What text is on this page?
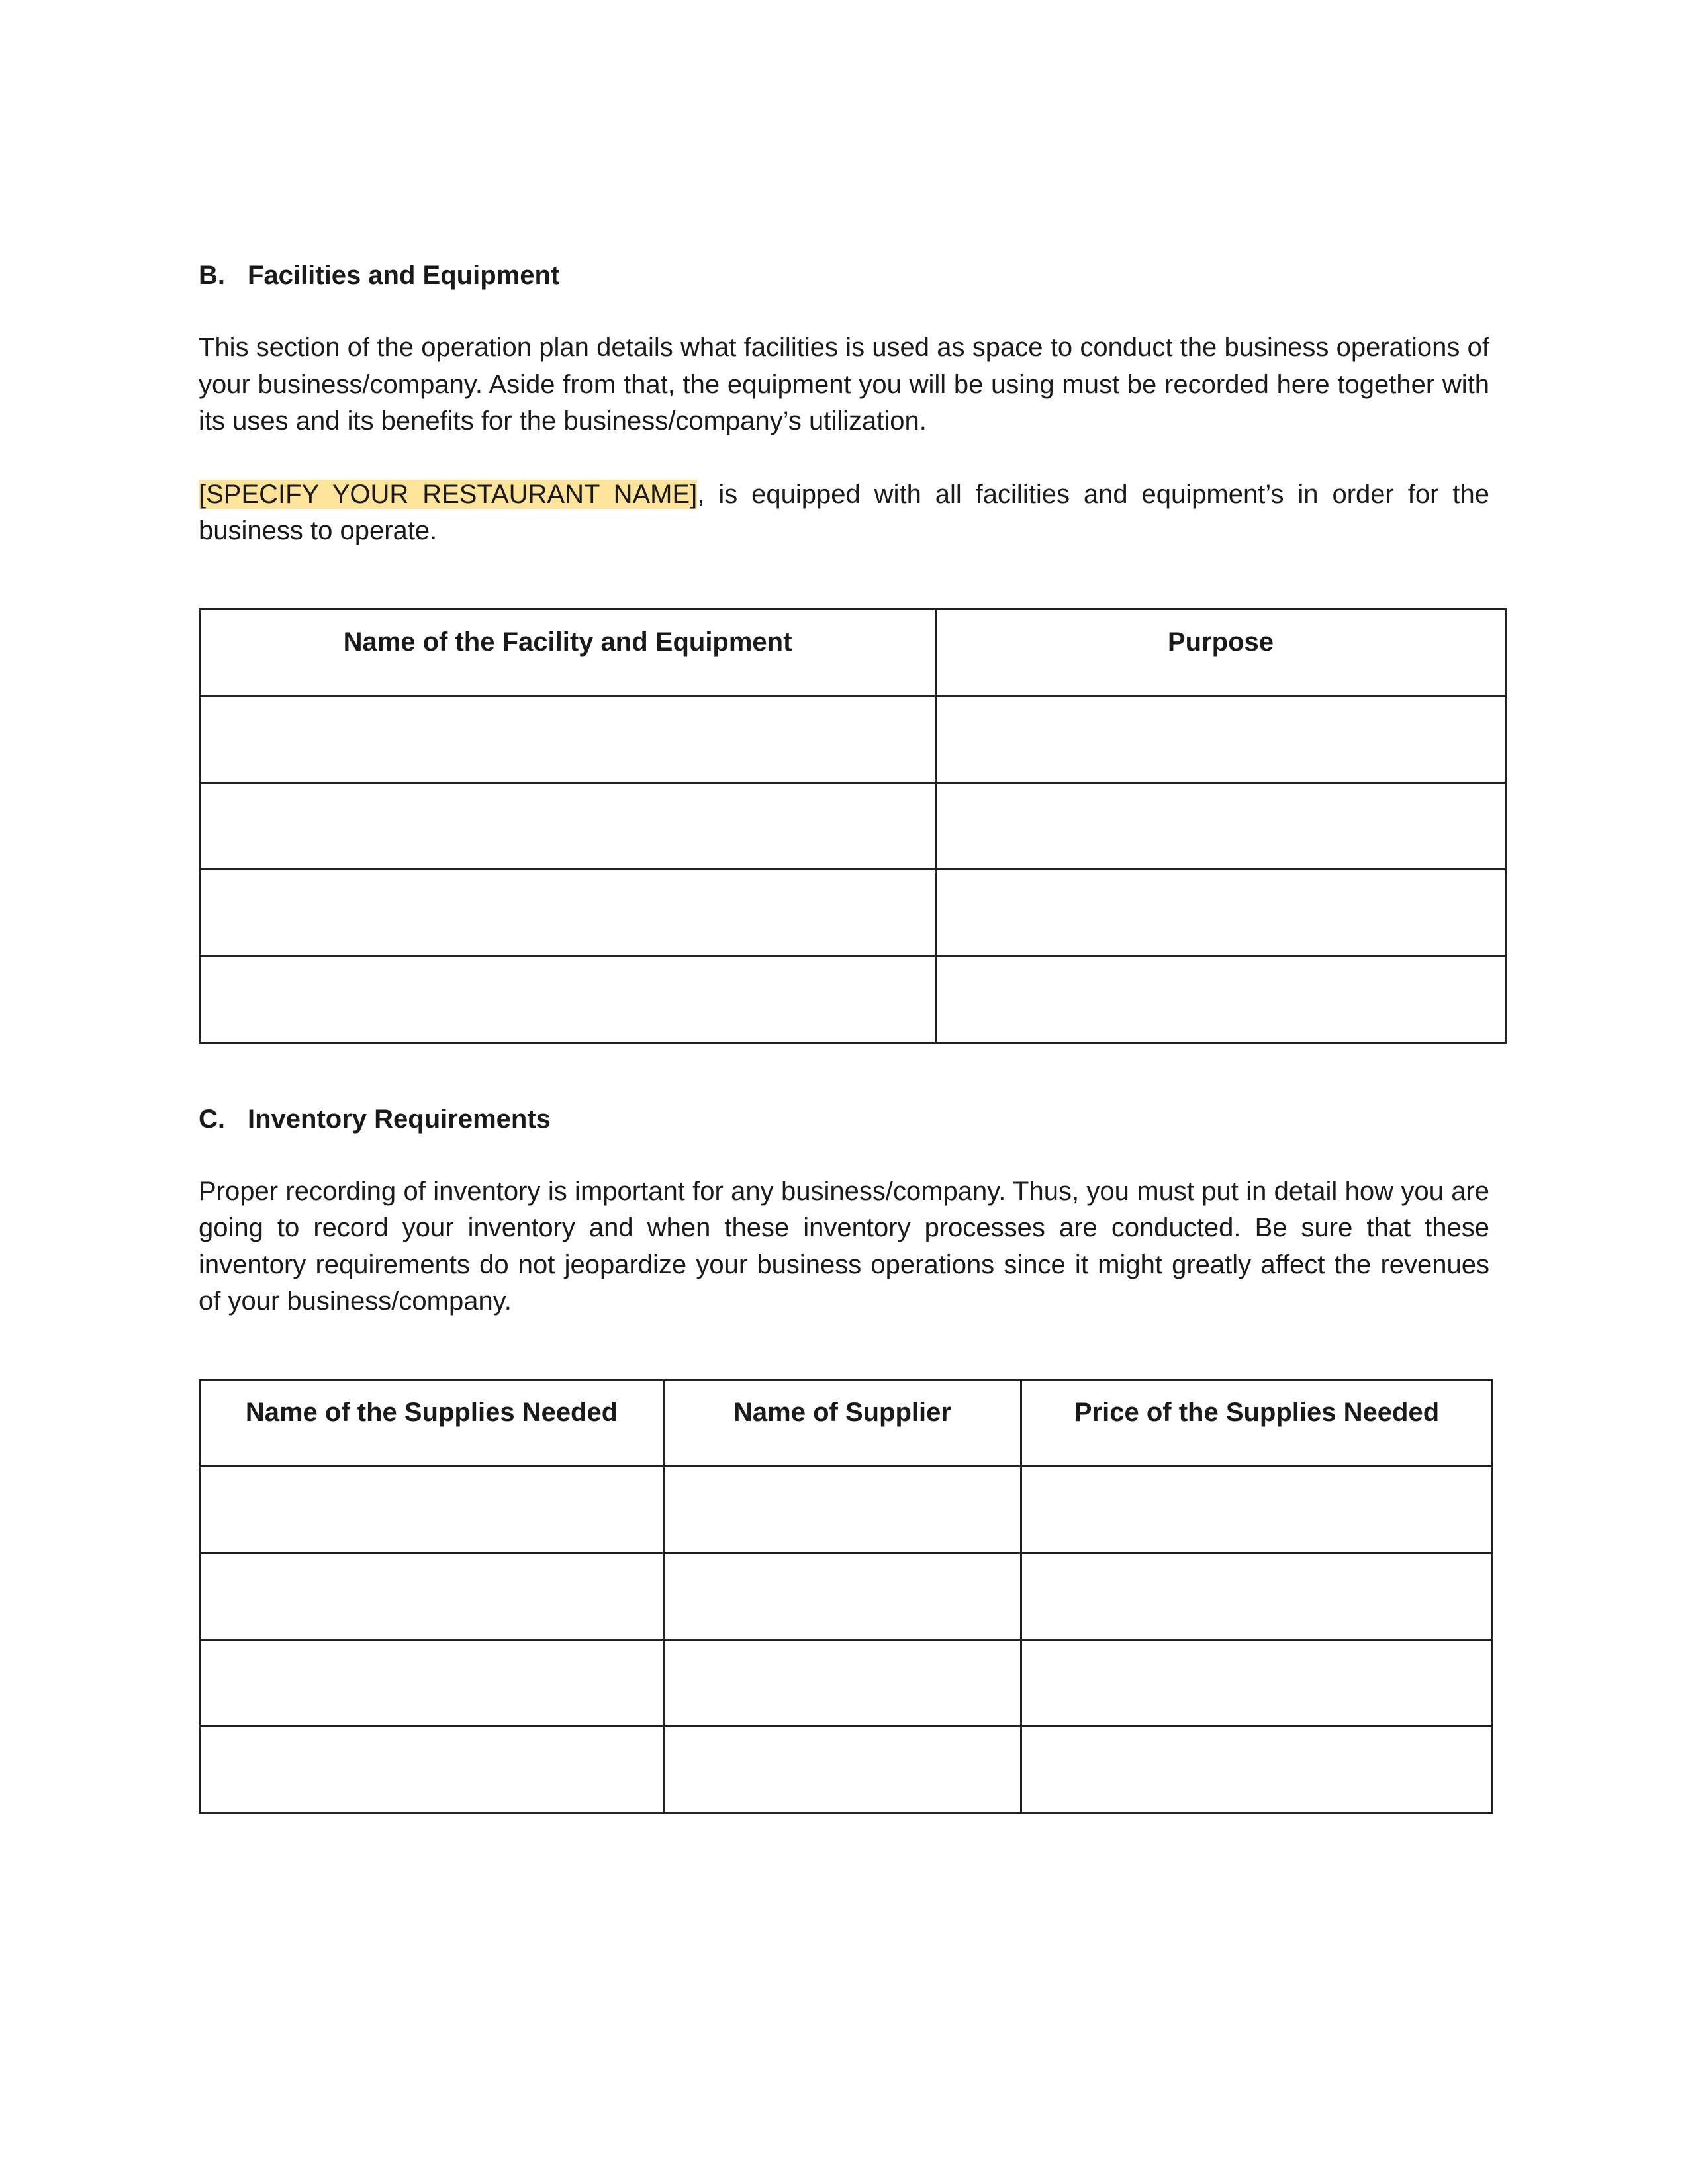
B. Facilities and Equipment

This section of the operation plan details what facilities is used as space to conduct the business operations of your business/company. Aside from that, the equipment you will be using must be recorded here together with its uses and its benefits for the business/company’s utilization.

[SPECIFY YOUR RESTAURANT NAME], is equipped with all facilities and equipment’s in order for the business to operate.

Name of the Facility and Equipment	Purpose

C. Inventory Requirements

Proper recording of inventory is important for any business/company. Thus, you must put in detail how you are going to record your inventory and when these inventory processes are conducted. Be sure that these inventory requirements do not jeopardize your business operations since it might greatly affect the revenues of your business/company.

Name of the Supplies Needed	Name of Supplier	Price of the Supplies Needed
